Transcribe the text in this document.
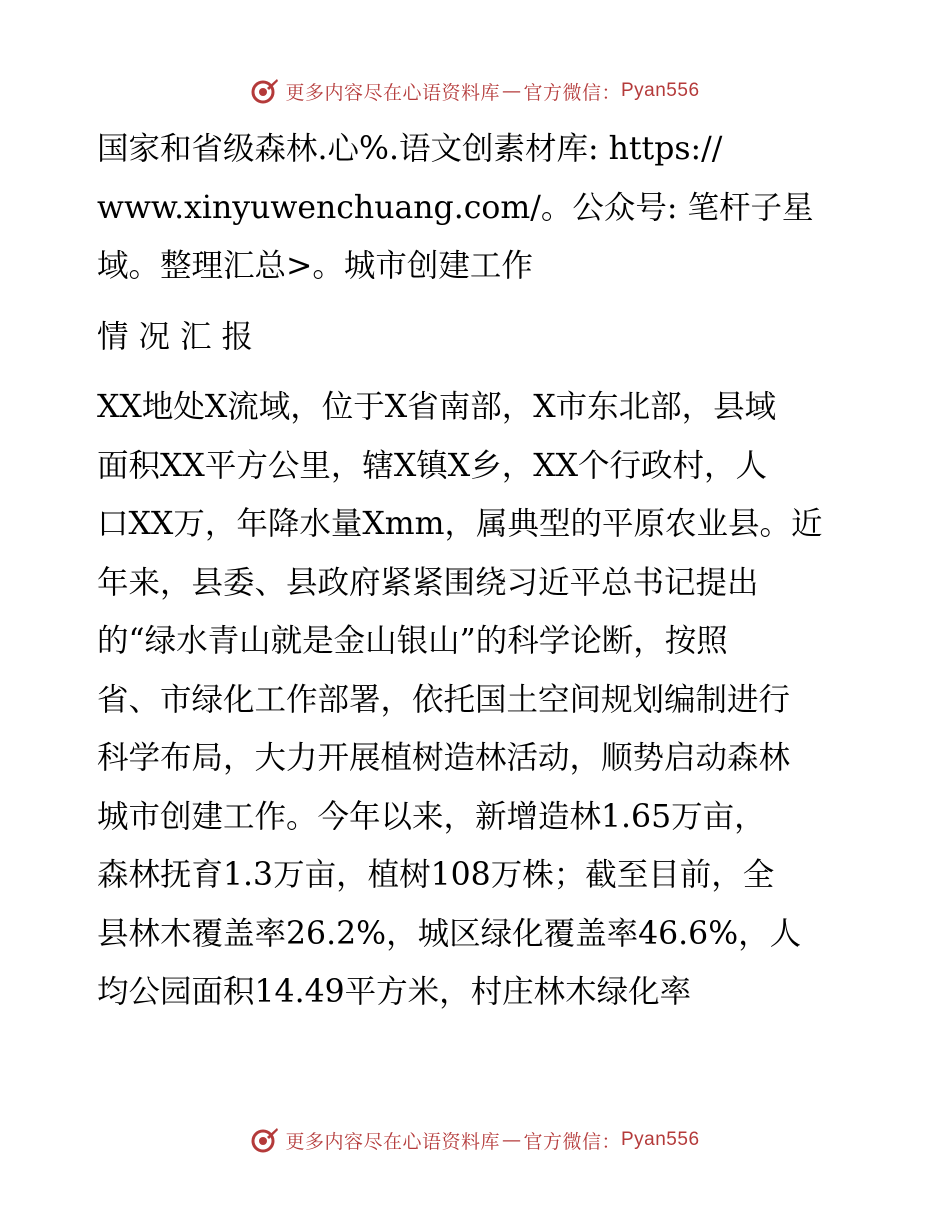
更多内容尽在心语资料库 — 官方微信： Pyan556

国家和省级森林.心%.语文创素材库: https://

www.xinyuwenchuang.com/。公众号: 笔杆子星

域。整理汇总>。城市创建工作

情 况 汇 报

XX地处X流域，位于X省南部，X市东北部，县域

面积XX平方公里，辖X镇X乡，XX个行政村，人

口XX万，年降水量Xmm，属典型的平原农业县。近

年来，县委、县政府紧紧围绕习近平总书记提出

的“绿水青山就是金山银山”的科学论断，按照

省、市绿化工作部署，依托国土空间规划编制进行

科学布局，大力开展植树造林活动，顺势启动森林

城市创建工作。今年以来，新增造林1.65万亩，

森林抚育1.3万亩，植树108万株；截至目前，全

县林木覆盖率26.2%，城区绿化覆盖率46.6%，人

均公园面积14.49平方米，村庄林木绿化率

更多内容尽在心语资料库 — 官方微信： Pyan556
